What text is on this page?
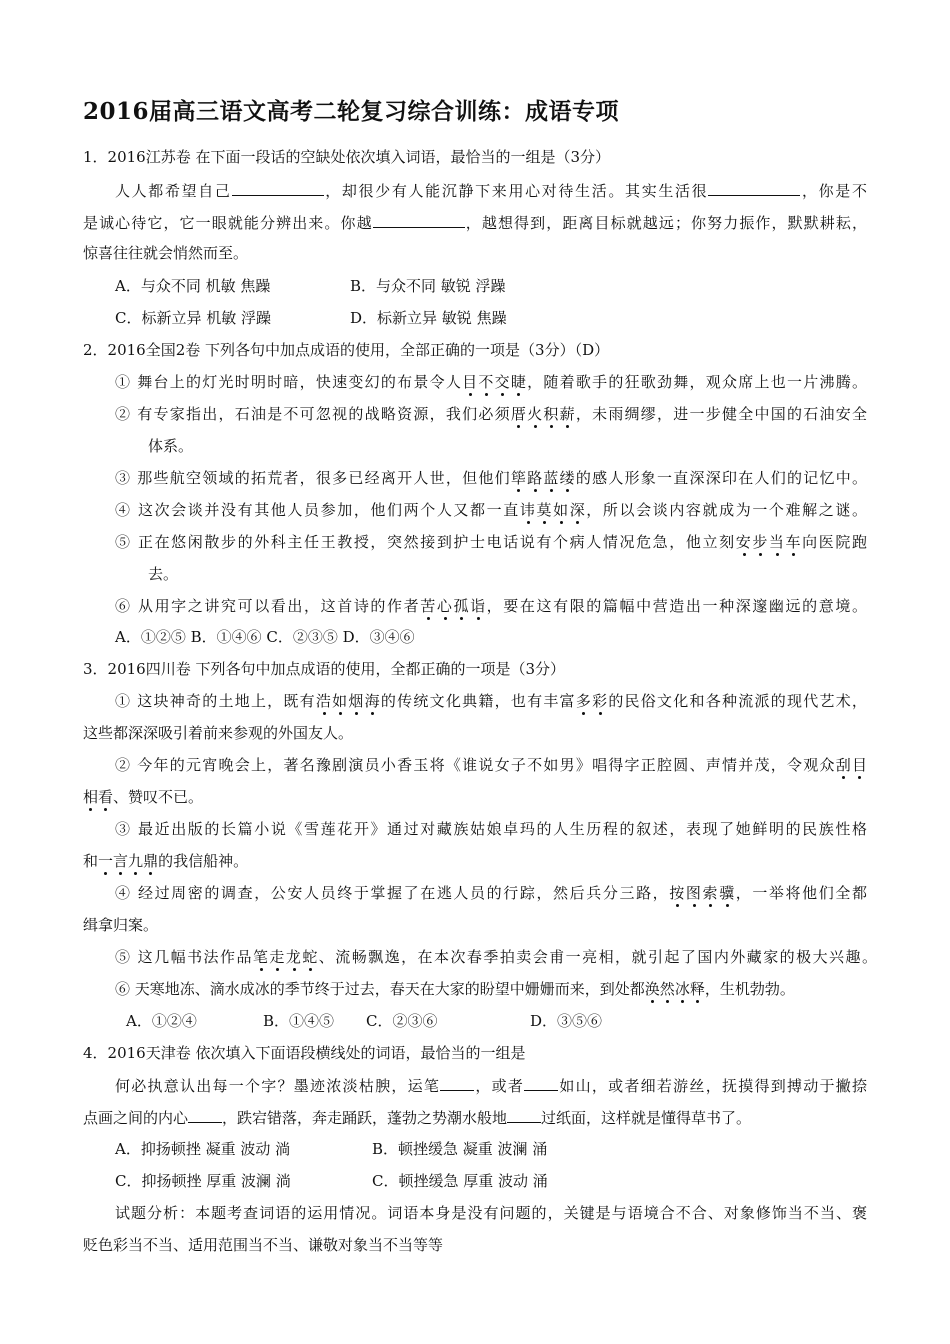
2016届高三语文高考二轮复习综合训练：成语专项
1．2016江苏卷 在下面一段话的空缺处依次填入词语，最恰当的一组是（3分）
人人都希望自己	，却很少有人能沉静下来用心对待生活。其实生活很	，你是不
是诚心待它，它一眼就能分辨出来。你越	，越想得到，距离目标就越远；你努力振作，默默耕耘，
惊喜往往就会悄然而至。
A．与众不同 机敏 焦躁	B．与众不同 敏锐 浮躁
C．标新立异 机敏 浮躁	D．标新立异 敏锐 焦躁
2．2016全国2卷 下列各句中加点成语的使用，全部正确的一项是（3分）（D）
① 舞台上的灯光时明时暗，快速变幻的布景令人目不交睫，随着歌手的狂歌劲舞，观众席上也一片沸腾。
② 有专家指出，石油是不可忽视的战略资源，我们必须厝火积薪，未雨绸缪，进一步健全中国的石油安全
体系。
③ 那些航空领域的拓荒者，很多已经离开人世，但他们筚路蓝缕的感人形象一直深深印在人们的记忆中。
④ 这次会谈并没有其他人员参加，他们两个人又都一直讳莫如深，所以会谈内容就成为一个难解之谜。
⑤ 正在悠闲散步的外科主任王教授，突然接到护士电话说有个病人情况危急，他立刻安步当车向医院跑
去。
⑥ 从用字之讲究可以看出，这首诗的作者苦心孤诣，要在这有限的篇幅中营造出一种深邃幽远的意境。
A．①②⑤ B．①④⑥ C．②③⑤ D．③④⑥
3．2016四川卷 下列各句中加点成语的使用，全都正确的一项是（3分）
① 这块神奇的土地上，既有浩如烟海的传统文化典籍，也有丰富多彩的民俗文化和各种流派的现代艺术，
这些都深深吸引着前来参观的外国友人。
② 今年的元宵晚会上，著名豫剧演员小香玉将《谁说女子不如男》唱得字正腔圆、声情并茂，令观众刮目
相看、赞叹不已。
③ 最近出版的长篇小说《雪莲花开》通过对藏族姑娘卓玛的人生历程的叙述，表现了她鲜明的民族性格
和一言九鼎的我信船神。
④ 经过周密的调查，公安人员终于掌握了在逃人员的行踪，然后兵分三路，按图索骥，一举将他们全都
缉拿归案。
⑤ 这几幅书法作品笔走龙蛇、流畅飘逸，在本次春季拍卖会甫一亮相，就引起了国内外藏家的极大兴趣。
⑥ 天寒地冻、滴水成冰的季节终于过去，春天在大家的盼望中姗姗而来，到处都涣然冰释，生机勃勃。
A．①②④	B．①④⑤ C．②③⑥	D．③⑤⑥
4．2016天津卷 依次填入下面语段横线处的词语，最恰当的一组是
何必执意认出每一个字？墨迹浓淡枯腴，运笔 ，或者 如山，或者细若游丝，抚摸得到搏动于撇捺
点画之间的内心 ，跌宕错落，奔走踊跃，蓬勃之势潮水般地 过纸面，这样就是懂得草书了。
A．抑扬顿挫 凝重 波动 淌	B．顿挫缓急 凝重 波澜 涌
C．抑扬顿挫 厚重 波澜 淌	C．顿挫缓急 厚重 波动 涌
试题分析：本题考查词语的运用情况。词语本身是没有问题的，关键是与语境合不合、对象修饰当不当、褒
贬色彩当不当、适用范围当不当、谦敬对象当不当等等
